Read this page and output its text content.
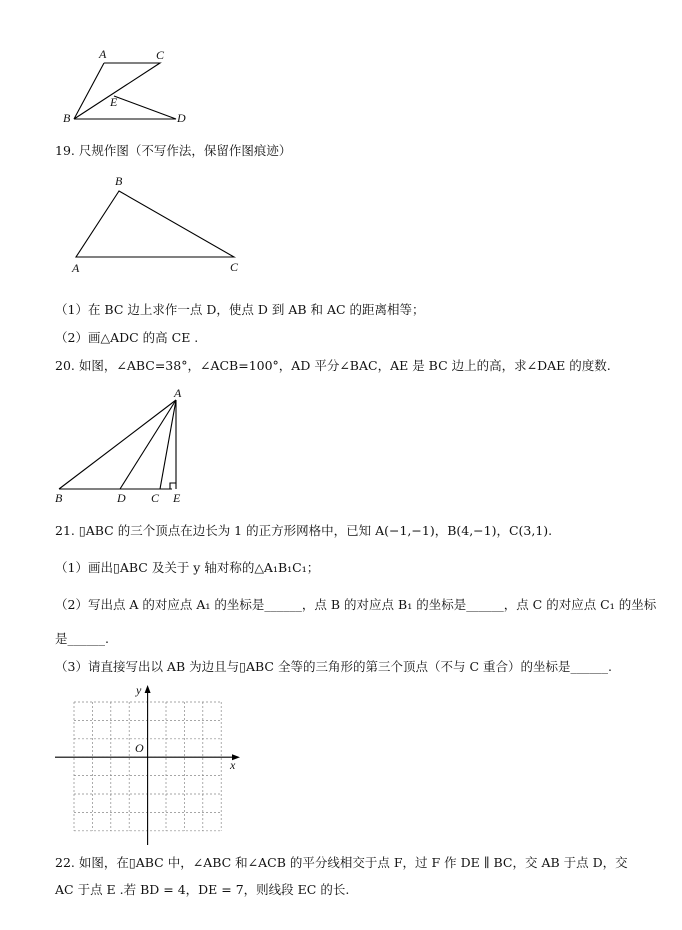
A	C
E
B	D
19. 尺规作图（不写作法，保留作图痕迹）
B
A	C
（1）在 BC 边上求作一点 D，使点 D 到 AB 和 AC 的距离相等；
（2）画△ADC 的高 CE .
20. 如图，∠ABC=38°，∠ACB=100°，AD 平分∠BAC，AE 是 BC 边上的高，求∠DAE 的度数.
A
B	D C E
21. ▯ABC 的三个顶点在边长为 1 的正方形网格中，已知 A(−1,−1)，B(4,−1)，C(3,1).
（1）画出▯ABC 及关于 y 轴对称的△A₁B₁C₁；
（2）写出点 A 的对应点 A₁ 的坐标是______，点 B 的对应点 B₁ 的坐标是______，点 C 的对应点 C₁ 的坐标
是______.
（3）请直接写出以 AB 为边且与▯ABC 全等的三角形的第三个顶点（不与 C 重合）的坐标是______.
y
x
O
22. 如图，在▯ABC 中，∠ABC 和∠ACB 的平分线相交于点 F，过 F 作 DE ∥ BC，交 AB 于点 D，交
AC 于点 E .若 BD = 4，DE = 7，则线段 EC 的长.
